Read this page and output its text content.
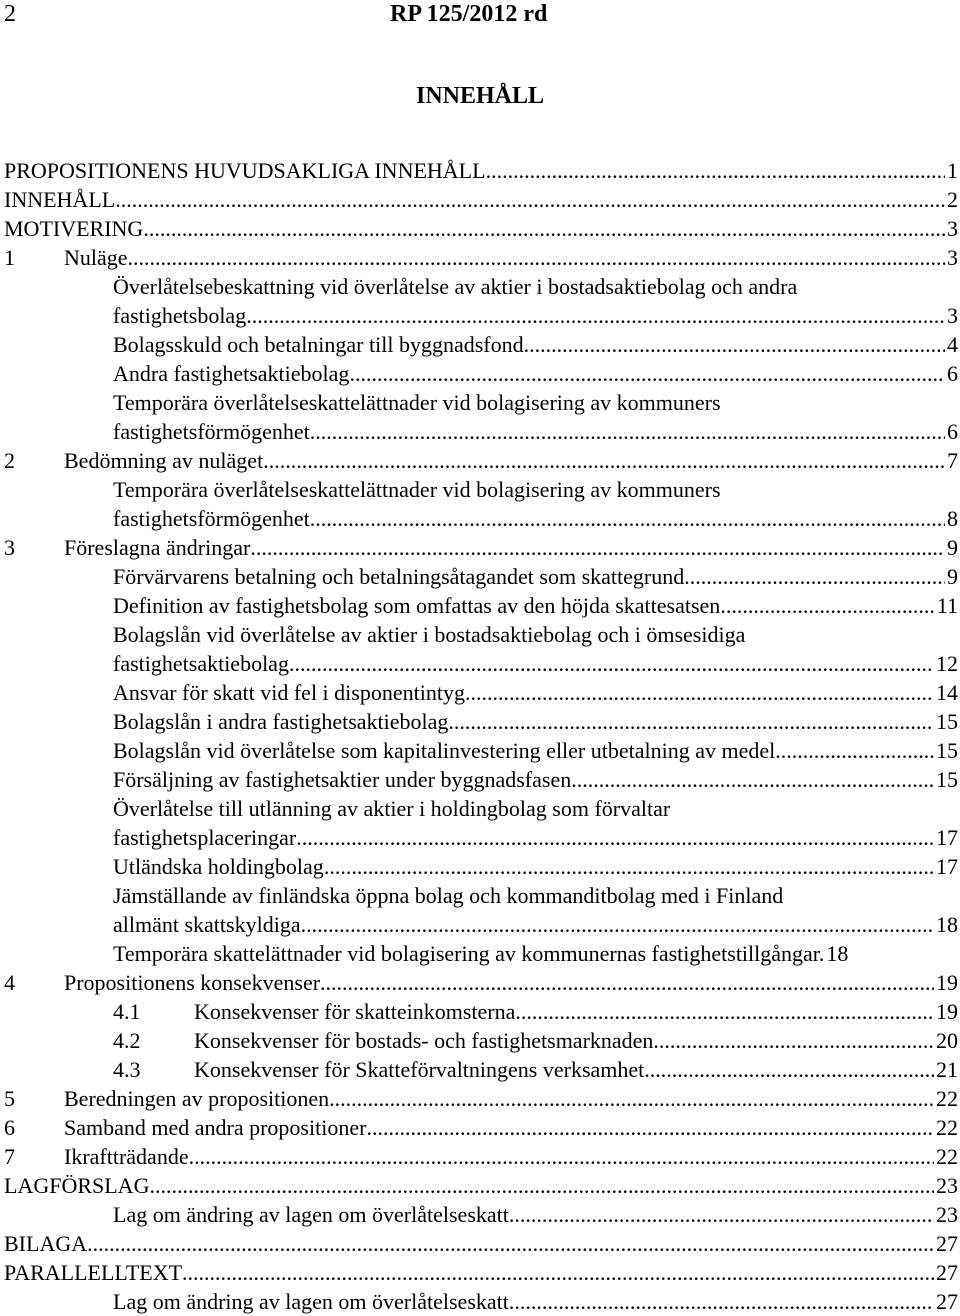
2	RP 125/2012 rd
INNEHÅLL
PROPOSITIONENS HUVUDSAKLIGA INNEHÅLL .....	1
INNEHÅLL .....	2
MOTIVERING .....	3
1 Nuläge .....	3
Överlåtelsebeskattning vid överlåtelse av aktier i bostadsaktiebolag och andra
fastighetsbolag .....	3
Bolagsskuld och betalningar till byggnadsfond .....	4
Andra fastighetsaktiebolag .....	6
Temporära överlåtelseskattelättnader vid bolagisering av kommuners
fastighetsförmögenhet .....	6
2 Bedömning av nuläget .....	7
Temporära överlåtelseskattelättnader vid bolagisering av kommuners
fastighetsförmögenhet .....	8
3 Föreslagna ändringar .....	9
Förvärvarens betalning och betalningsåtagandet som skattegrund .....	9
Definition av fastighetsbolag som omfattas av den höjda skattesatsen .....	11
Bolagslån vid överlåtelse av aktier i bostadsaktiebolag och i ömsesidiga
fastighetsaktiebolag .....	12
Ansvar för skatt vid fel i disponentintyg .....	14
Bolagslån i andra fastighetsaktiebolag .....	15
Bolagslån vid överlåtelse som kapitalinvestering eller utbetalning av medel .....	15
Försäljning av fastighetsaktier under byggnadsfasen .....	15
Överlåtelse till utlänning av aktier i holdingbolag som förvaltar
fastighetsplaceringar .....	17
Utländska holdingbolag .....	17
Jämställande av finländska öppna bolag och kommanditbolag med i Finland
allmänt skattskyldiga .....	18
Temporära skattelättnader vid bolagisering av kommunernas fastighetstillgångar. 18
4 Propositionens konsekvenser .....	19
4.1 Konsekvenser för skatteinkomsterna .....	19
4.2 Konsekvenser för bostads- och fastighetsmarknaden .....	20
4.3 Konsekvenser för Skatteförvaltningens verksamhet .....	21
5 Beredningen av propositionen .....	22
6 Samband med andra propositioner .....	22
7 Ikraftträdande .....	22
LAGFÖRSLAG .....	23
Lag om ändring av lagen om överlåtelseskatt .....	23
BILAGA .....	27
PARALLELLTEXT .....	27
Lag om ändring av lagen om överlåtelseskatt .....	27
